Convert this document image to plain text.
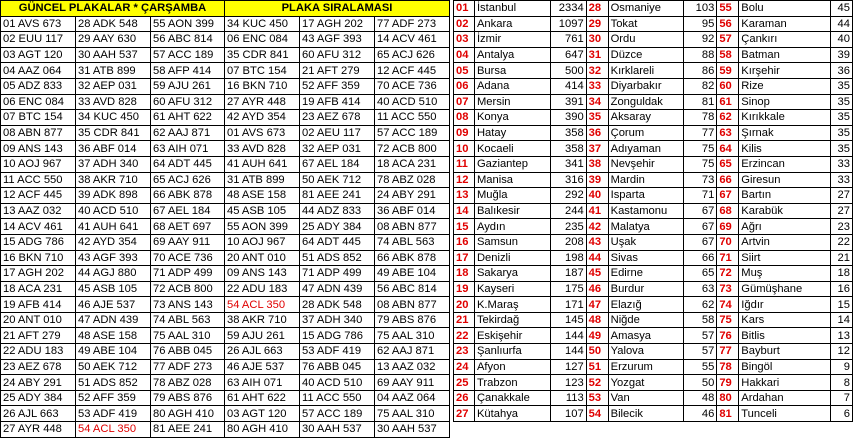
GÜNCEL PLAKALAR * ÇARŞAMBA			PLAKA SIRALAMASI		
01 AVS 673	28 ADK 548	55 AON 399	34 KUC 450	17 AGH 202	77 ADF 273
02 EUU 117	29 AAY 630	56 ABC 814	06 ENC 084	43 AGF 393	14 ACV 461
03 AGT 120	30 AAH 537	57 ACC 189	35 CDR 841	60 AFU 312	65 ACJ 626
04 AAZ 064	31 ATB 899	58 AFP 414	07 BTC 154	21 AFT 279	12 ACF 445
05 ADZ 833	32 AEP 031	59 AJU 261	16 BKN 710	52 AFF 359	70 ACE 736
06 ENC 084	33 AVD 828	60 AFU 312	27 AYR 448	19 AFB 414	40 ACD 510
07 BTC 154	34 KUC 450	61 AHT 622	42 AYD 354	23 AEZ 678	11 ACC 550
08 ABN 877	35 CDR 841	62 AAJ 871	01 AVS 673	02 AEU 117	57 ACC 189
09 ANS 143	36 ABF 014	63 AIH 071	33 AVD 828	32 AEP 031	72 ACB 800
10 AOJ 967	37 ADH 340	64 ADT 445	41 AUH 641	67 AEL 184	18 ACA 231
11 ACC 550	38 AKR 710	65 ACJ 626	31 ATB 899	50 AEK 712	78 ABZ 028
12 ACF 445	39 ADK 898	66 ABK 878	48 ASE 158	81 AEE 241	24 ABY 291
13 AAZ 032	40 ACD 510	67 AEL 184	45 ASB 105	44 ADZ 833	36 ABF 014
14 ACV 461	41 AUH 641	68 AET 697	55 AON 399	25 ADY 384	08 ABN 877
15 ADG 786	42 AYD 354	69 AAY 911	10 AOJ 967	64 ADT 445	74 ABL 563
16 BKN 710	43 AGF 393	70 ACE 736	20 ANT 010	51 ADS 852	66 ABK 878
17 AGH 202	44 AGJ 880	71 ADP 499	09 ANS 143	71 ADP 499	49 ABE 104
18 ACA 231	45 ASB 105	72 ACB 800	22 ADU 183	47 ADN 439	56 ABC 814
19 AFB 414	46 AJE 537	73 ANS 143	54 ACL 350	28 ADK 548	08 ABN 877
20 ANT 010	47 ADN 439	74 ABL 563	38 AKR 710	37 ADH 340	79 ABS 876
21 AFT 279	48 ASE 158	75 AAL 310	59 AJU 261	15 ADG 786	75 AAL 310
22 ADU 183	49 ABE 104	76 ABB 045	26 AJL 663	53 ADF 419	62 AAJ 871
23 AEZ 678	50 AEK 712	77 ADF 273	46 AJE 537	76 ABB 045	13 AAZ 032
24 ABY 291	51 ADS 852	78 ABZ 028	63 AIH 071	40 ACD 510	69 AAY 911
25 ADY 384	52 AFF 359	79 ABS 876	61 AHT 622	11 ACC 550	04 AAZ 064
26 AJL 663	53 ADF 419	80 AGH 410	03 AGT 120	57 ACC 189	75 AAL 310
27 AYR 448	54 ACL 350	81 AEE 241	80 AGH 410	30 AAH 537	30 AAH 537

01	İstanbul	2334	28	Osmaniye	103	55	Bolu	45
02	Ankara	1097	29	Tokat	95	56	Karaman	44
03	İzmir	761	30	Ordu	92	57	Çankırı	40
04	Antalya	647	31	Düzce	88	58	Batman	39
05	Bursa	500	32	Kırklareli	86	59	Kırşehir	36
06	Adana	414	33	Diyarbakır	82	60	Rize	35
07	Mersin	391	34	Zonguldak	81	61	Sinop	35
08	Konya	390	35	Aksaray	78	62	Kırıkkale	35
09	Hatay	358	36	Çorum	77	63	Şırnak	35
10	Kocaeli	358	37	Adıyaman	75	64	Kilis	35
11	Gaziantep	341	38	Nevşehir	75	65	Erzincan	33
12	Manisa	316	39	Mardin	73	66	Giresun	33
13	Muğla	292	40	Isparta	71	67	Bartın	27
14	Balıkesir	244	41	Kastamonu	67	68	Karabük	27
15	Aydın	235	42	Malatya	67	69	Ağrı	23
16	Samsun	208	43	Uşak	67	70	Artvin	22
17	Denizli	198	44	Sivas	66	71	Siirt	21
18	Sakarya	187	45	Edirne	65	72	Muş	18
19	Kayseri	175	46	Burdur	63	73	Gümüşhane	16
20	K.Maraş	171	47	Elazığ	62	74	Iğdır	15
21	Tekirdağ	145	48	Niğde	58	75	Kars	14
22	Eskişehir	144	49	Amasya	57	76	Bitlis	13
23	Şanlıurfa	144	50	Yalova	57	77	Bayburt	12
24	Afyon	127	51	Erzurum	55	78	Bingöl	9
25	Trabzon	123	52	Yozgat	50	79	Hakkari	8
26	Çanakkale	113	53	Van	48	80	Ardahan	7
27	Kütahya	107	54	Bilecik	46	81	Tunceli	6
